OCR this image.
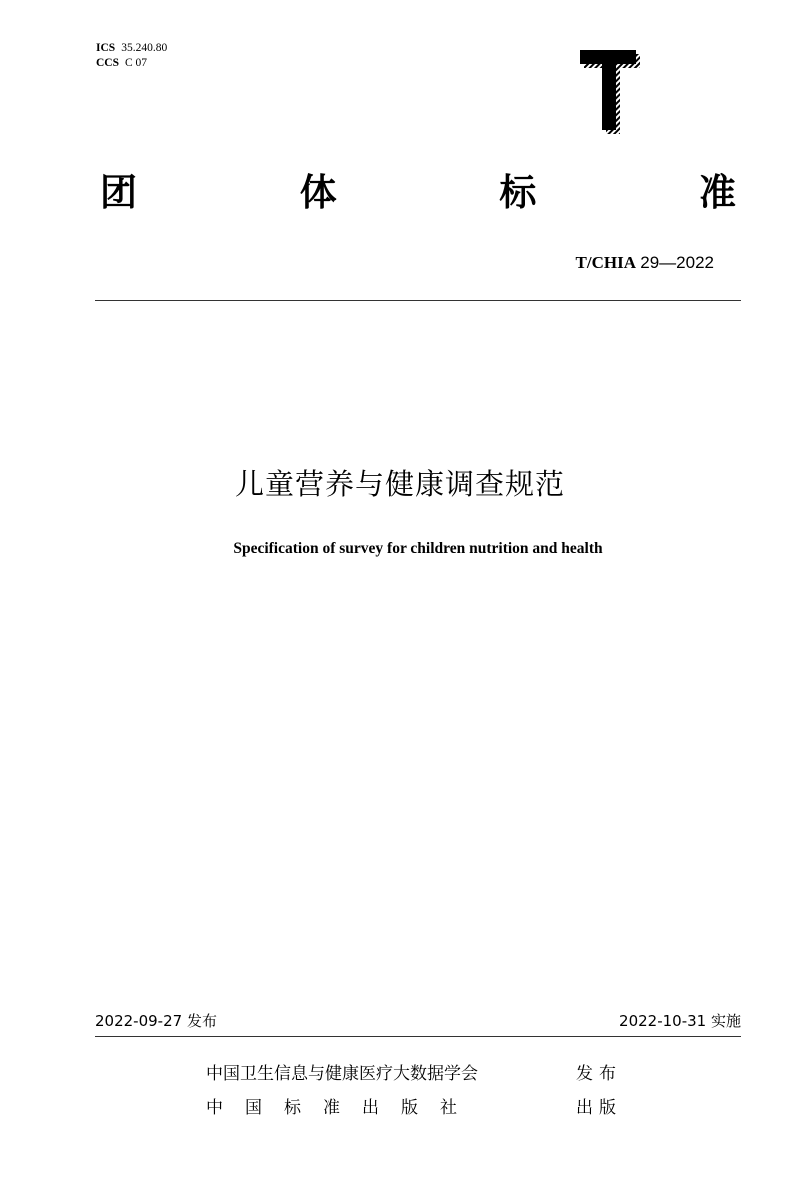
ICS 35.240.80
CCS C 07
团	体	标	准
T/CHIA 29—2022
儿童营养与健康调查规范
Specification of survey for children nutrition and health
2022-09-27 发布	2022-10-31 实施
中国卫生信息与健康医疗大数据学会	发布
中国标准出版社	出版
